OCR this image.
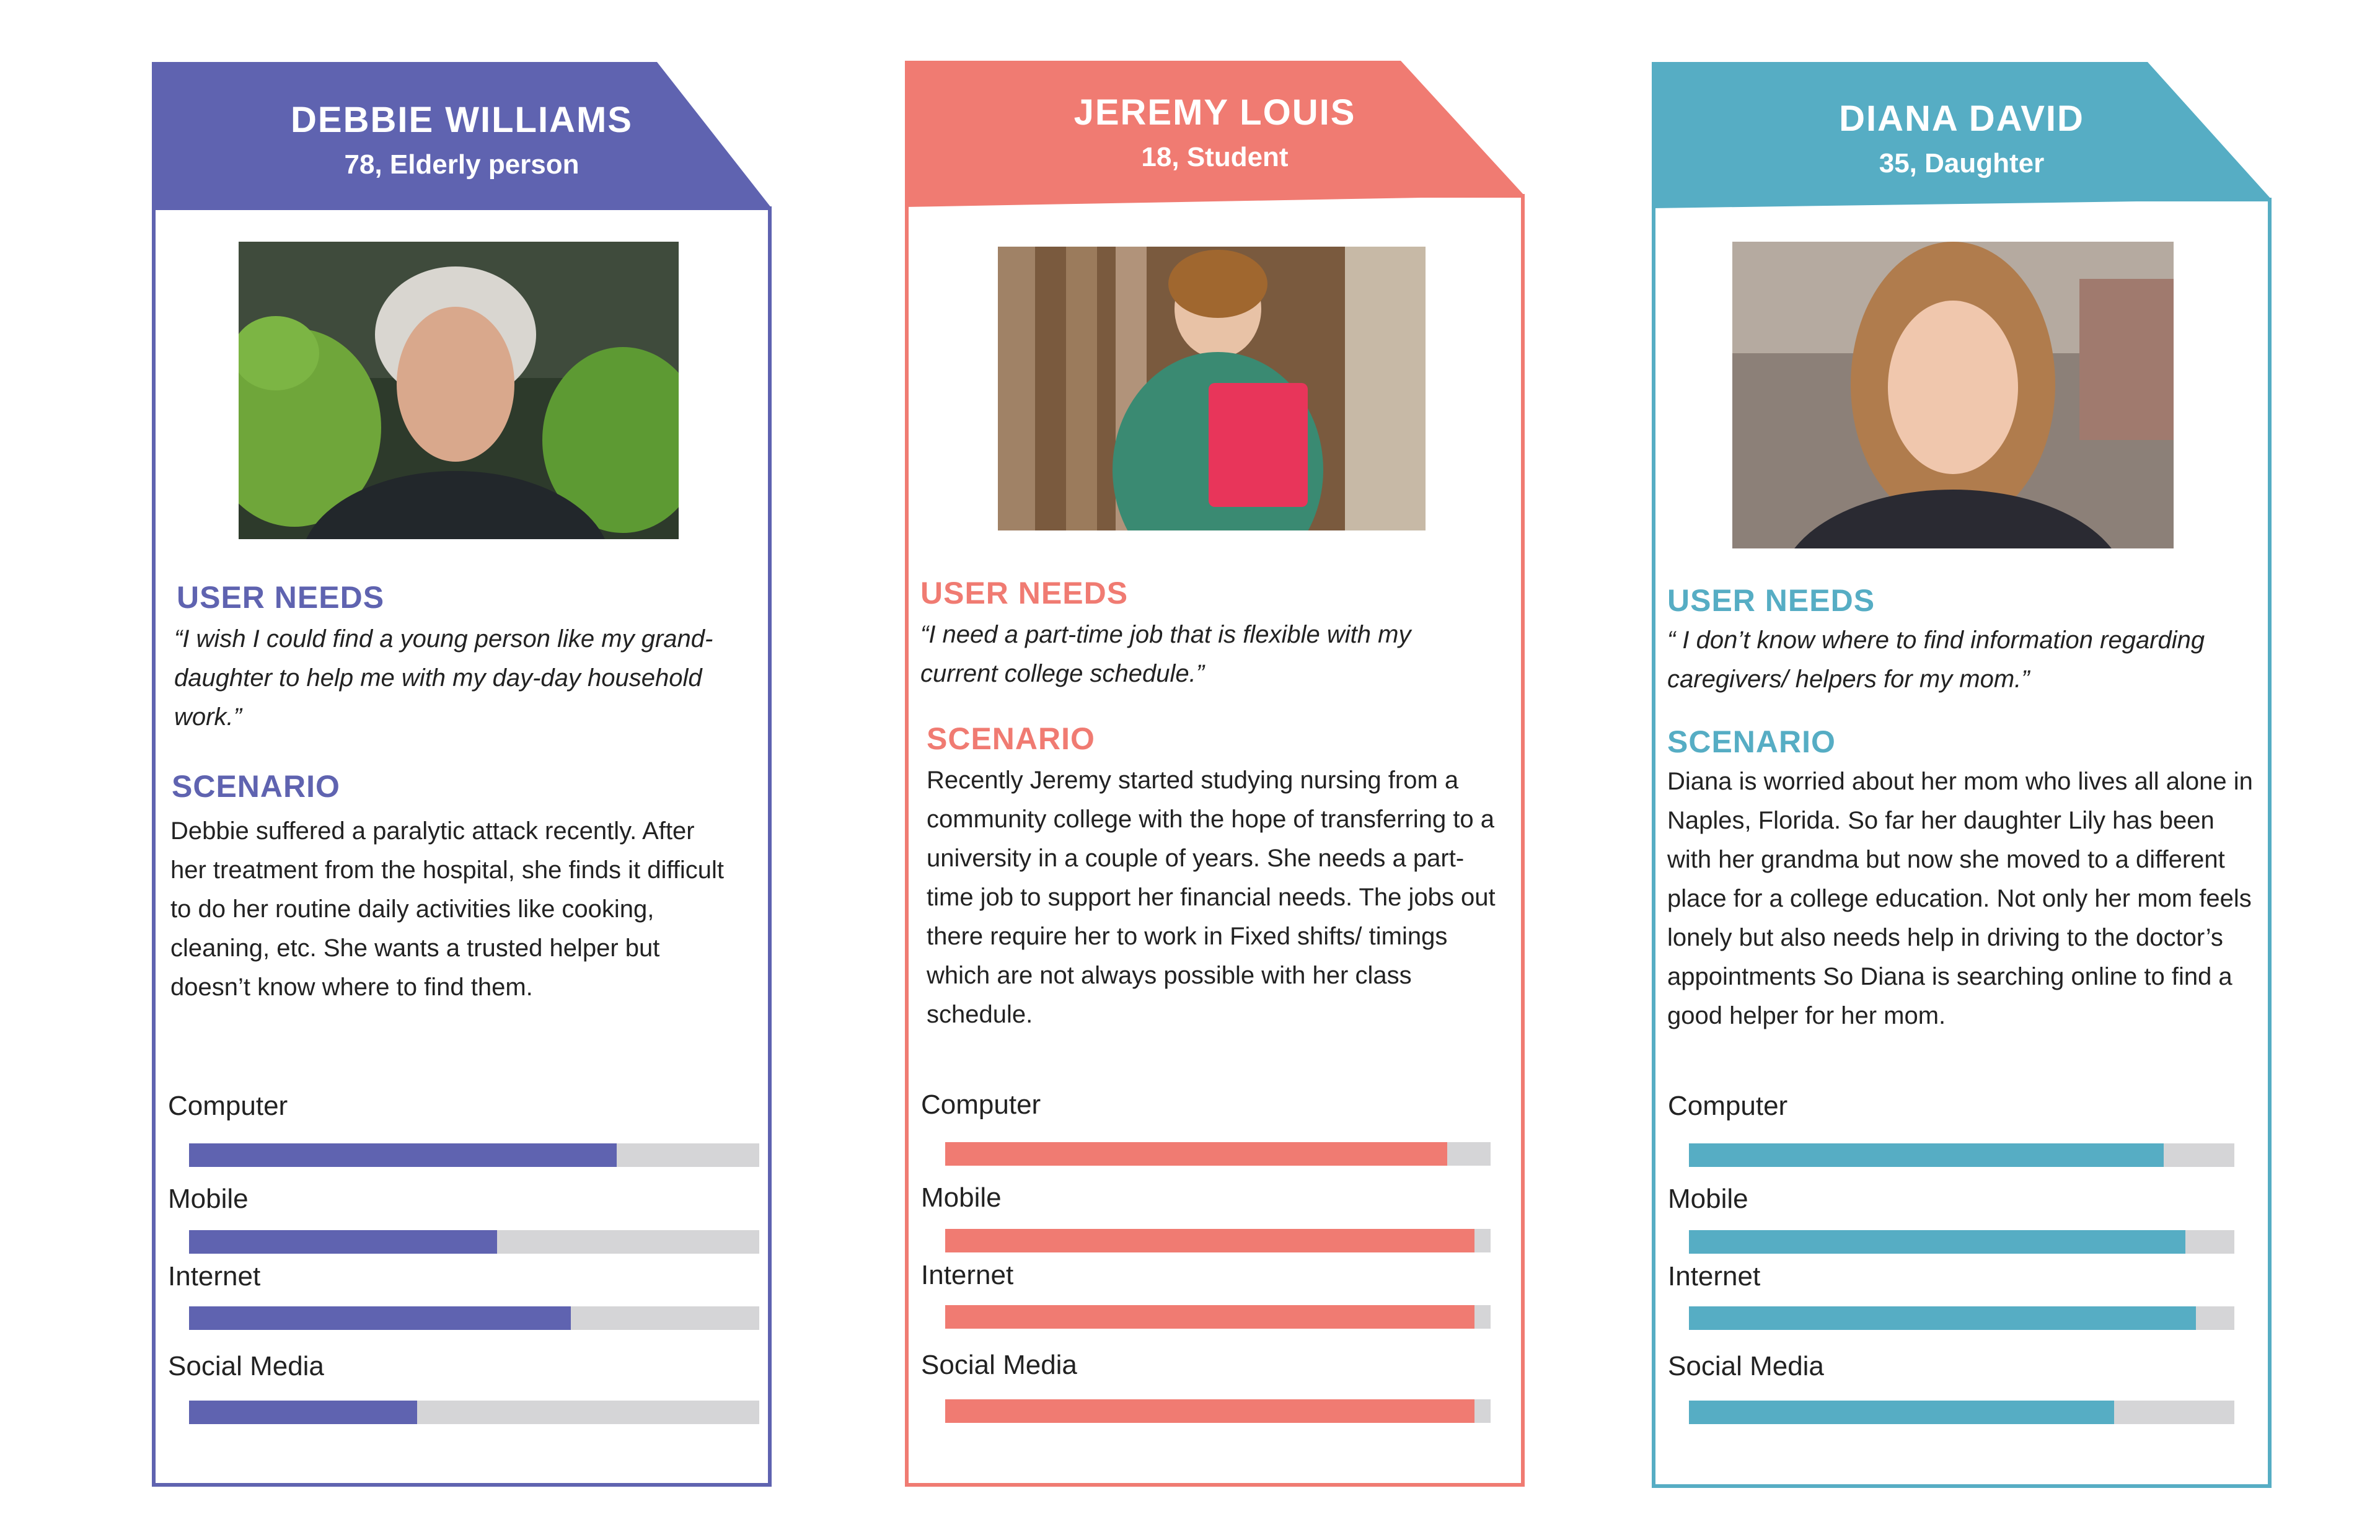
DEBBIE WILLIAMS
78, Elderly person
USER NEEDS
“I wish I could find a young person like my grand-daughter to help me with my day-day household work.”
SCENARIO
Debbie suffered a paralytic attack recently. After her treatment from the hospital, she finds it difficult to do her routine daily activities like cooking, cleaning, etc. She wants a trusted helper but doesn’t know where to find them.
Computer
Mobile
Internet
Social Media
JEREMY LOUIS
18, Student
USER NEEDS
“I need a part-time job that is flexible with my current college schedule.”
SCENARIO
Recently Jeremy started studying nursing from a community college with the hope of transferring to a university in a couple of years. She needs a part-time job to support her financial needs. The jobs out there require her to work in Fixed shifts/ timings which are not always possible with her class schedule.
Computer
Mobile
Internet
Social Media
DIANA DAVID
35, Daughter
USER NEEDS
“ I don’t know where to find information regarding caregivers/ helpers for my mom.”
SCENARIO
Diana is worried about her mom who lives all alone in Naples, Florida. So far her daughter Lily has been with her grandma but now she moved to a different place for a college education. Not only her mom feels lonely but also needs help in driving to the doctor’s appointments So Diana is searching online to find a good helper for her mom.
Computer
Mobile
Internet
Social Media
